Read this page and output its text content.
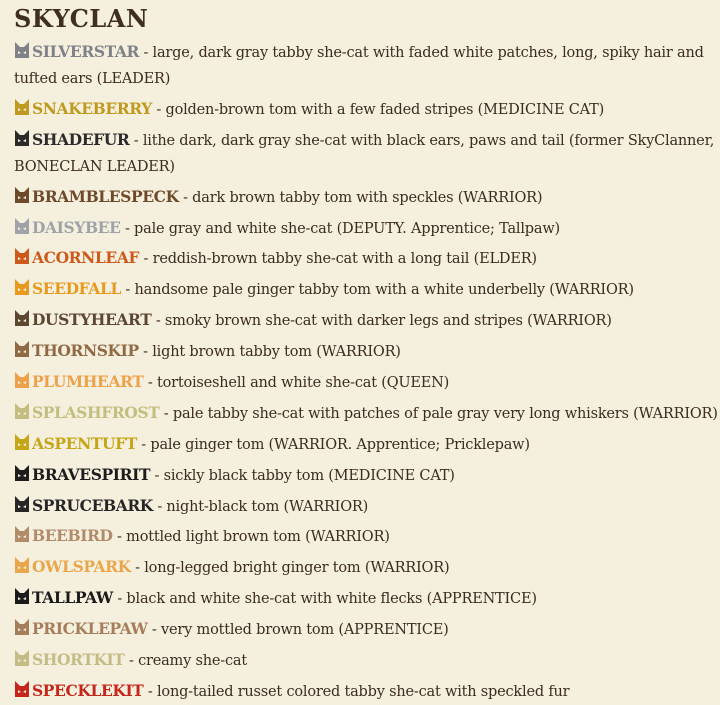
SKYCLAN
SILVERSTAR - large, dark gray tabby she-cat with faded white patches, long, spiky hair and tufted ears (LEADER)
SNAKEBERRY - golden-brown tom with a few faded stripes (MEDICINE CAT)
SHADEFUR - lithe dark, dark gray she-cat with black ears, paws and tail (former SkyClanner, BONECLAN LEADER)
BRAMBLESPECK - dark brown tabby tom with speckles (WARRIOR)
DAISYBEE - pale gray and white she-cat (DEPUTY. Apprentice; Tallpaw)
ACORNLEAF - reddish-brown tabby she-cat with a long tail (ELDER)
SEEDFALL - handsome pale ginger tabby tom with a white underbelly (WARRIOR)
DUSTYHEART - smoky brown she-cat with darker legs and stripes (WARRIOR)
THORNSKIP - light brown tabby tom (WARRIOR)
PLUMHEART - tortoiseshell and white she-cat (QUEEN)
SPLASHFROST - pale tabby she-cat with patches of pale gray very long whiskers (WARRIOR)
ASPENTUFT - pale ginger tom (WARRIOR. Apprentice; Pricklepaw)
BRAVESPIRIT - sickly black tabby tom (MEDICINE CAT)
SPRUCEBARK - night-black tom (WARRIOR)
BEEBIRD - mottled light brown tom (WARRIOR)
OWLSPARK - long-legged bright ginger tom (WARRIOR)
TALLPAW - black and white she-cat with white flecks (APPRENTICE)
PRICKLEPAW - very mottled brown tom (APPRENTICE)
SHORTKIT - creamy she-cat
SPECKLEKIT - long-tailed russet colored tabby she-cat with speckled fur
